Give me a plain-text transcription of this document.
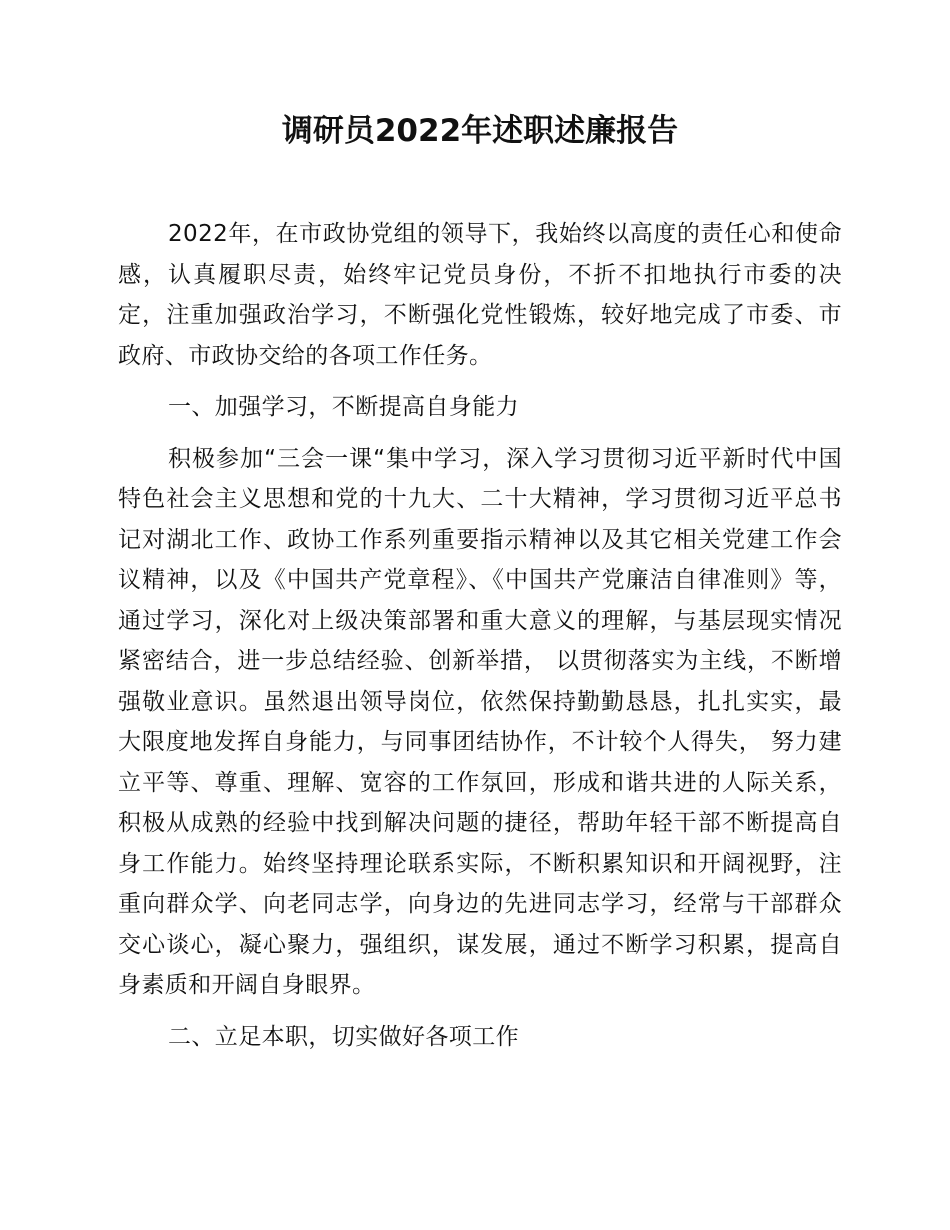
调研员2022年述职述廉报告

2022年，在市政协党组的领导下，我始终以高度的责任心和使命感，认真履职尽责，始终牢记党员身份，不折不扣地执行市委的决定，注重加强政治学习，不断强化党性锻炼，较好地完成了市委、市政府、市政协交给的各项工作任务。

一、加强学习，不断提高自身能力

积极参加“三会一课“集中学习，深入学习贯彻习近平新时代中国特色社会主义思想和党的十九大、二十大精神，学习贯彻习近平总书记对湖北工作、政协工作系列重要指示精神以及其它相关党建工作会议精神，以及《中国共产党章程》、《中国共产党廉洁自律准则》等，通过学习，深化对上级决策部署和重大意义的理解，与基层现实情况紧密结合，进一步总结经验、创新举措， 以贯彻落实为主线，不断增强敬业意识。虽然退出领导岗位，依然保持勤勤恳恳，扎扎实实，最大限度地发挥自身能力，与同事团结协作，不计较个人得失， 努力建立平等、尊重、理解、宽容的工作氛回，形成和谐共进的人际关系，积极从成熟的经验中找到解决问题的捷径，帮助年轻干部不断提高自身工作能力。始终坚持理论联系实际，不断积累知识和开阔视野，注重向群众学、向老同志学，向身边的先进同志学习，经常与干部群众交心谈心，凝心聚力，强组织，谋发展，通过不断学习积累，提高自身素质和开阔自身眼界。

二、立足本职，切实做好各项工作
